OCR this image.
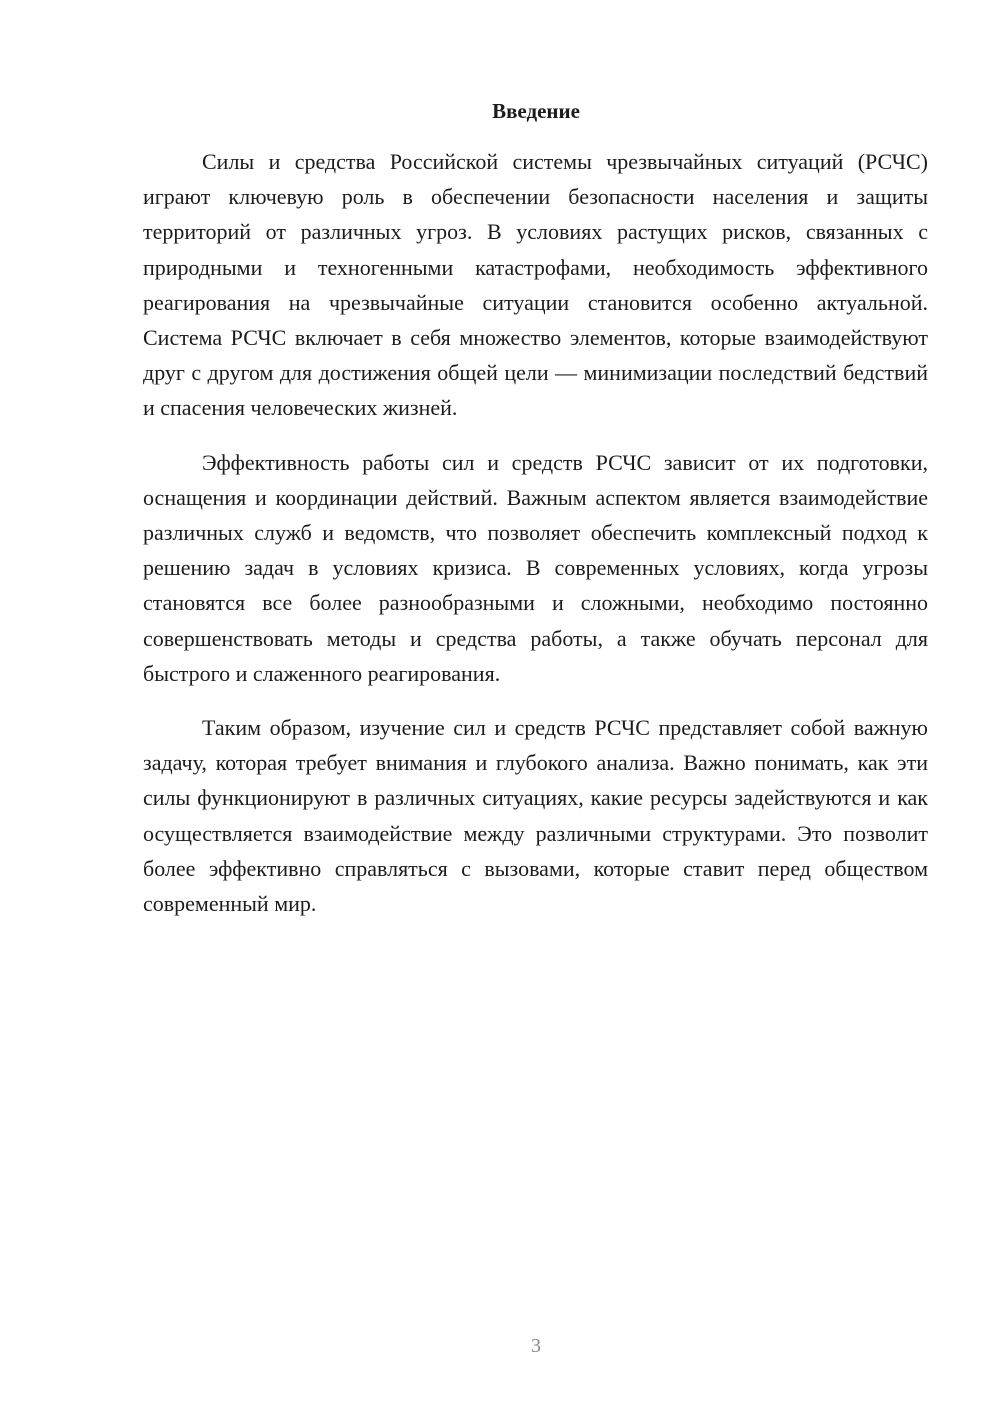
Введение

Силы и средства Российской системы чрезвычайных ситуаций (РСЧС) играют ключевую роль в обеспечении безопасности населения и защиты территорий от различных угроз. В условиях растущих рисков, связанных с природными и техногенными катастрофами, необходимость эффективного реагирования на чрезвычайные ситуации становится особенно актуальной. Система РСЧС включает в себя множество элементов, которые взаимодействуют друг с другом для достижения общей цели — минимизации последствий бедствий и спасения человеческих жизней.

Эффективность работы сил и средств РСЧС зависит от их подготовки, оснащения и координации действий. Важным аспектом является взаимодействие различных служб и ведомств, что позволяет обеспечить комплексный подход к решению задач в условиях кризиса. В современных условиях, когда угрозы становятся все более разнообразными и сложными, необходимо постоянно совершенствовать методы и средства работы, а также обучать персонал для быстрого и слаженного реагирования.

Таким образом, изучение сил и средств РСЧС представляет собой важную задачу, которая требует внимания и глубокого анализа. Важно понимать, как эти силы функционируют в различных ситуациях, какие ресурсы задействуются и как осуществляется взаимодействие между различными структурами. Это позволит более эффективно справляться с вызовами, которые ставит перед обществом современный мир.

3
